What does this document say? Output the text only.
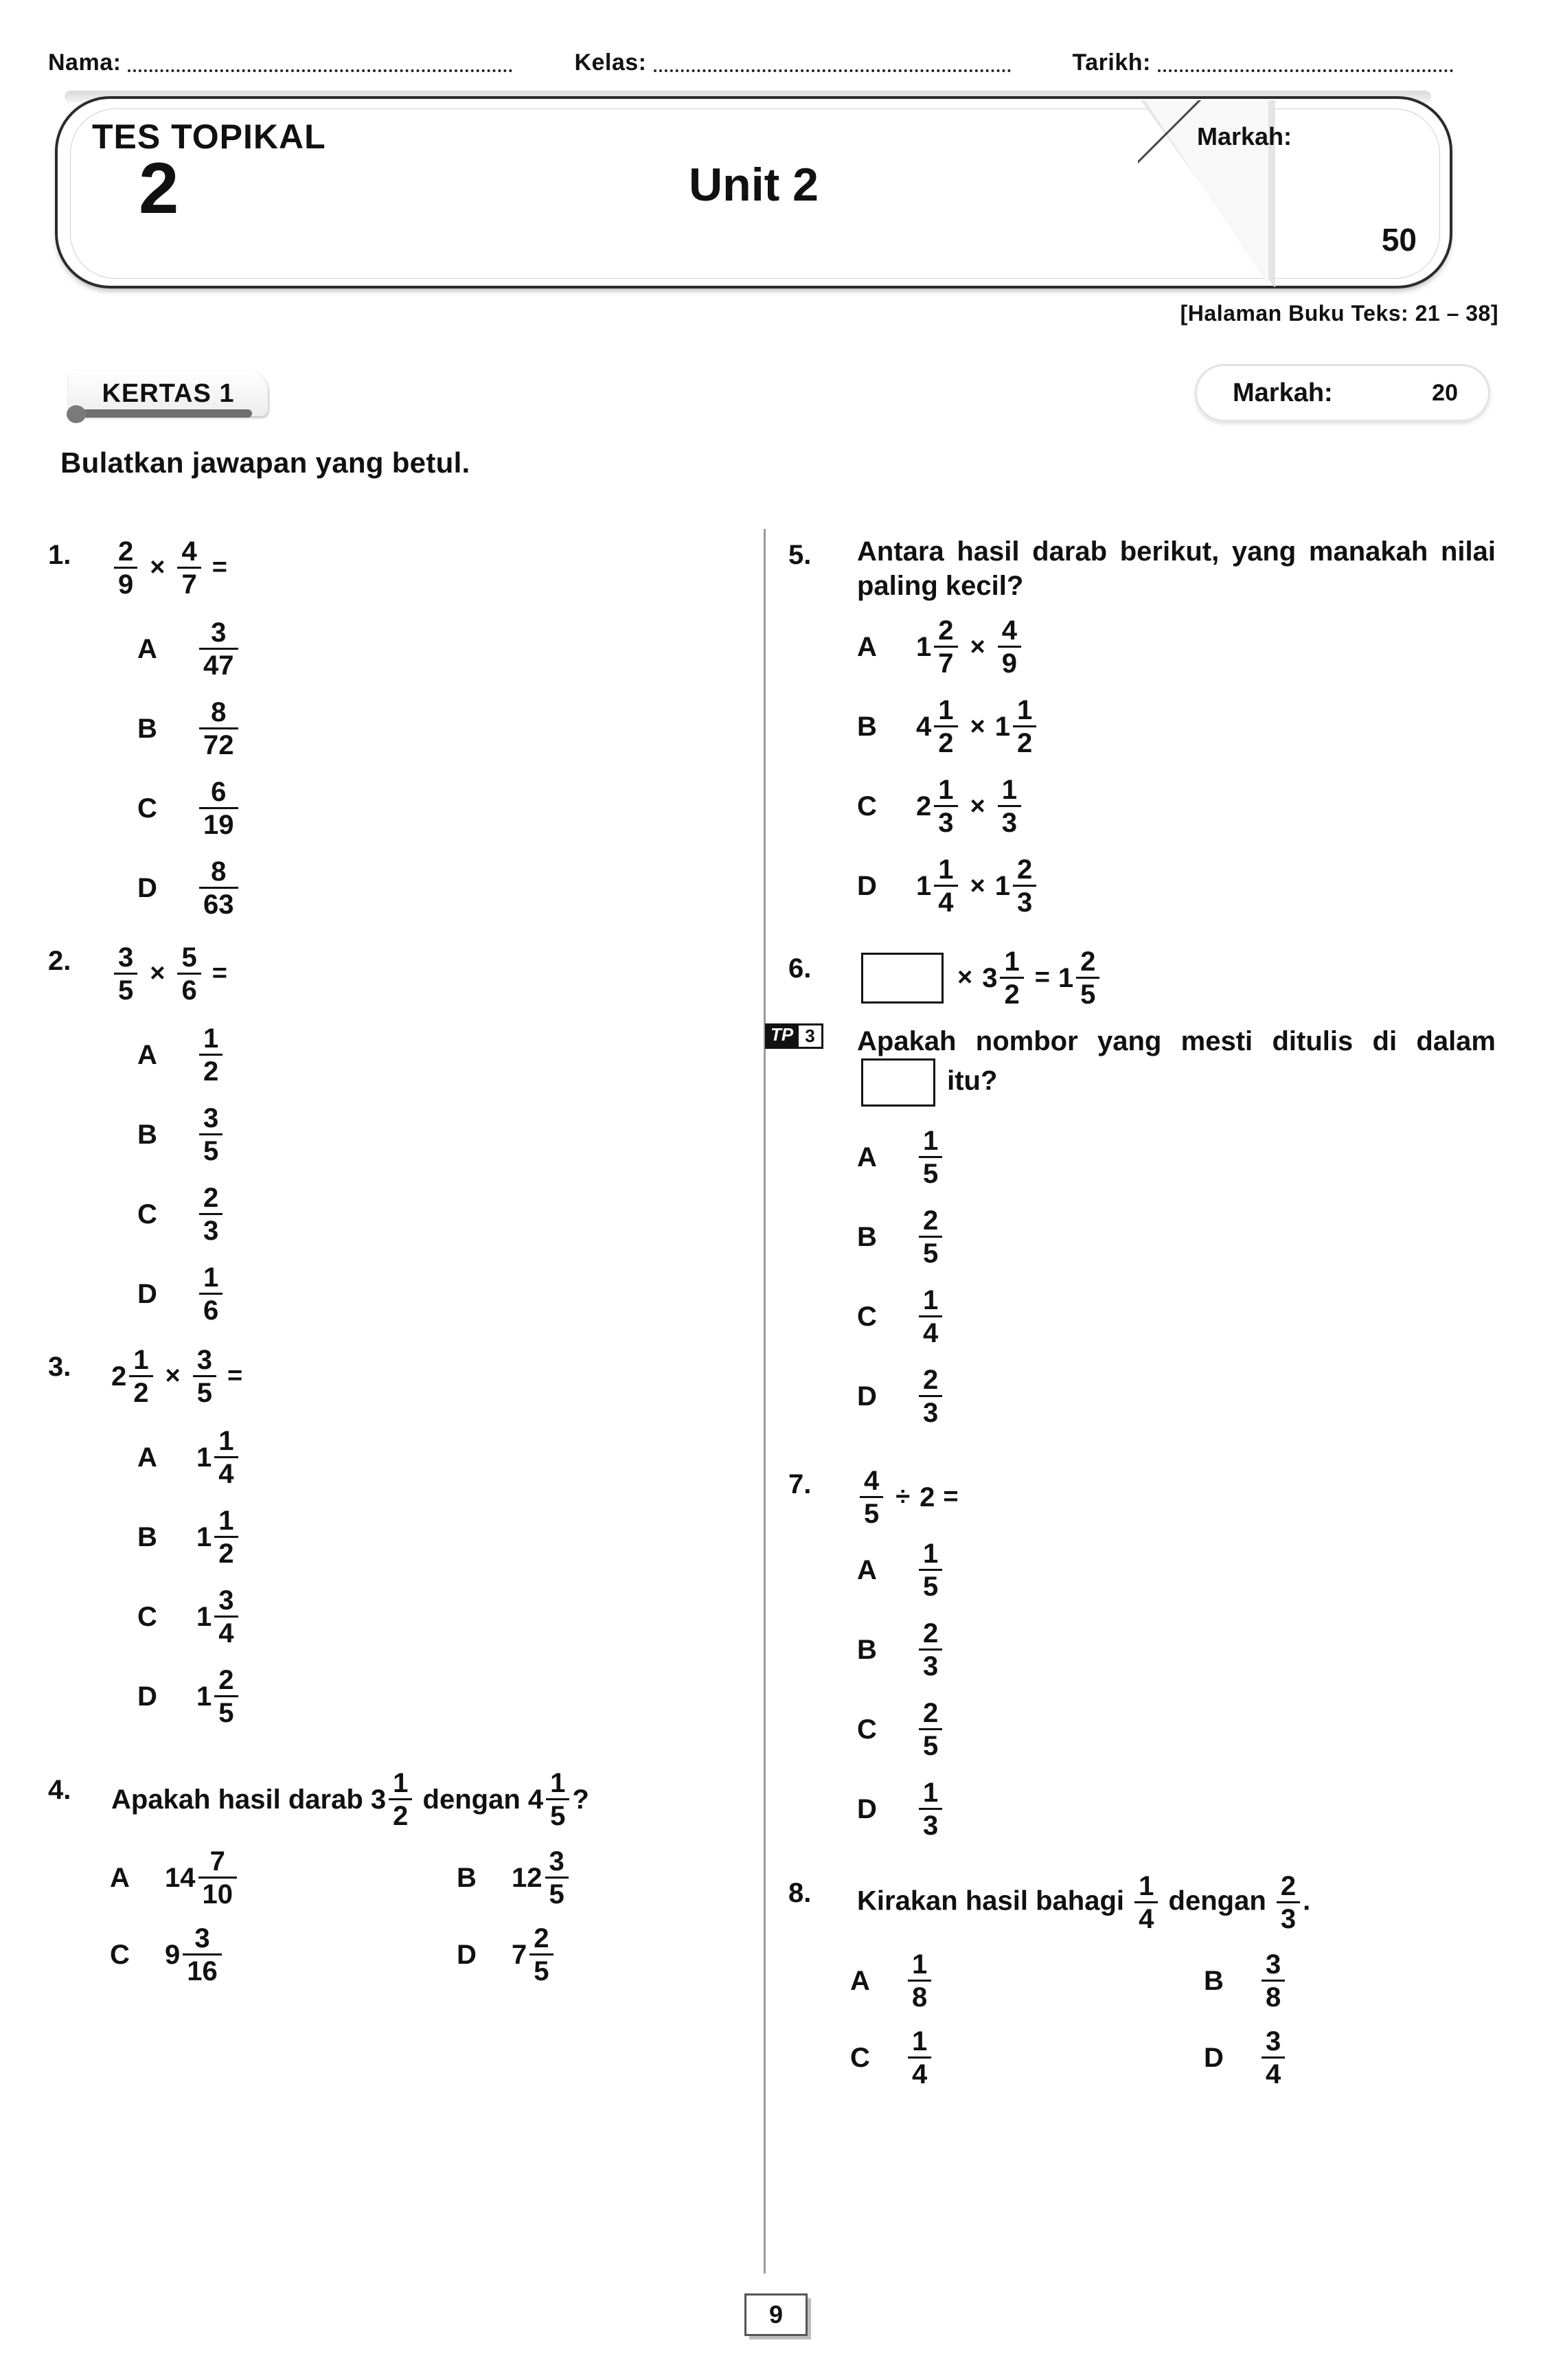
Nama:	Kelas:	Tarikh:
TES TOPIKAL
2	Unit 2
Markah:
50
[Halaman Buku Teks: 21 – 38]
KERTAS 1	Markah:	20
Bulatkan jawapan yang betul.
1.	$\frac{2}{9} \times \frac{4}{7}$ =
A	$\frac{3}{47}$
B	$\frac{8}{72}$
C	$\frac{6}{19}$
D	$\frac{8}{63}$
2.	$\frac{3}{5} \times \frac{5}{6}$ =
A	$\frac{1}{2}$
B	$\frac{3}{5}$
C	$\frac{2}{3}$
D	$\frac{1}{6}$
3.	$2 \frac{1}{2} \times \frac{3}{5}$ =
A	$1 \frac{1}{4}$
B	$1 \frac{1}{2}$
C	$1 \frac{3}{4}$
D	$1 \frac{2}{5}$
4.	Apakah hasil darab $3 \frac{1}{2}$ dengan $4 \frac{1}{5}$ ?
A	$14 \frac{7}{10}$	B	$12 \frac{3}{5}$
C	$9 \frac{3}{16}$	D	$7 \frac{2}{5}$
5.	Antara hasil darab berikut, yang manakah nilai paling kecil?
A	$1 \frac{2}{7} \times \frac{4}{9}$
B	$4 \frac{1}{2} \times 1 \frac{1}{2}$
C	$2 \frac{1}{3} \times \frac{1}{3}$
D	$1 \frac{1}{4} \times 1 \frac{2}{3}$
TP 3
6.	× $3 \frac{1}{2} = 1 \frac{2}{5}$
Apakah nombor yang mesti ditulis di dalam  itu?
A	$\frac{1}{5}$
B	$\frac{2}{5}$
C	$\frac{1}{4}$
D	$\frac{2}{3}$
7.	$\frac{4}{5} \div 2$ =
A	$\frac{1}{5}$
B	$\frac{2}{3}$
C	$\frac{2}{5}$
D	$\frac{1}{3}$
8.	Kirakan hasil bahagi $\frac{1}{4}$ dengan $\frac{2}{3}$ .
A	$\frac{1}{8}$	B	$\frac{3}{8}$
C	$\frac{1}{4}$	D	$\frac{3}{4}$
9
